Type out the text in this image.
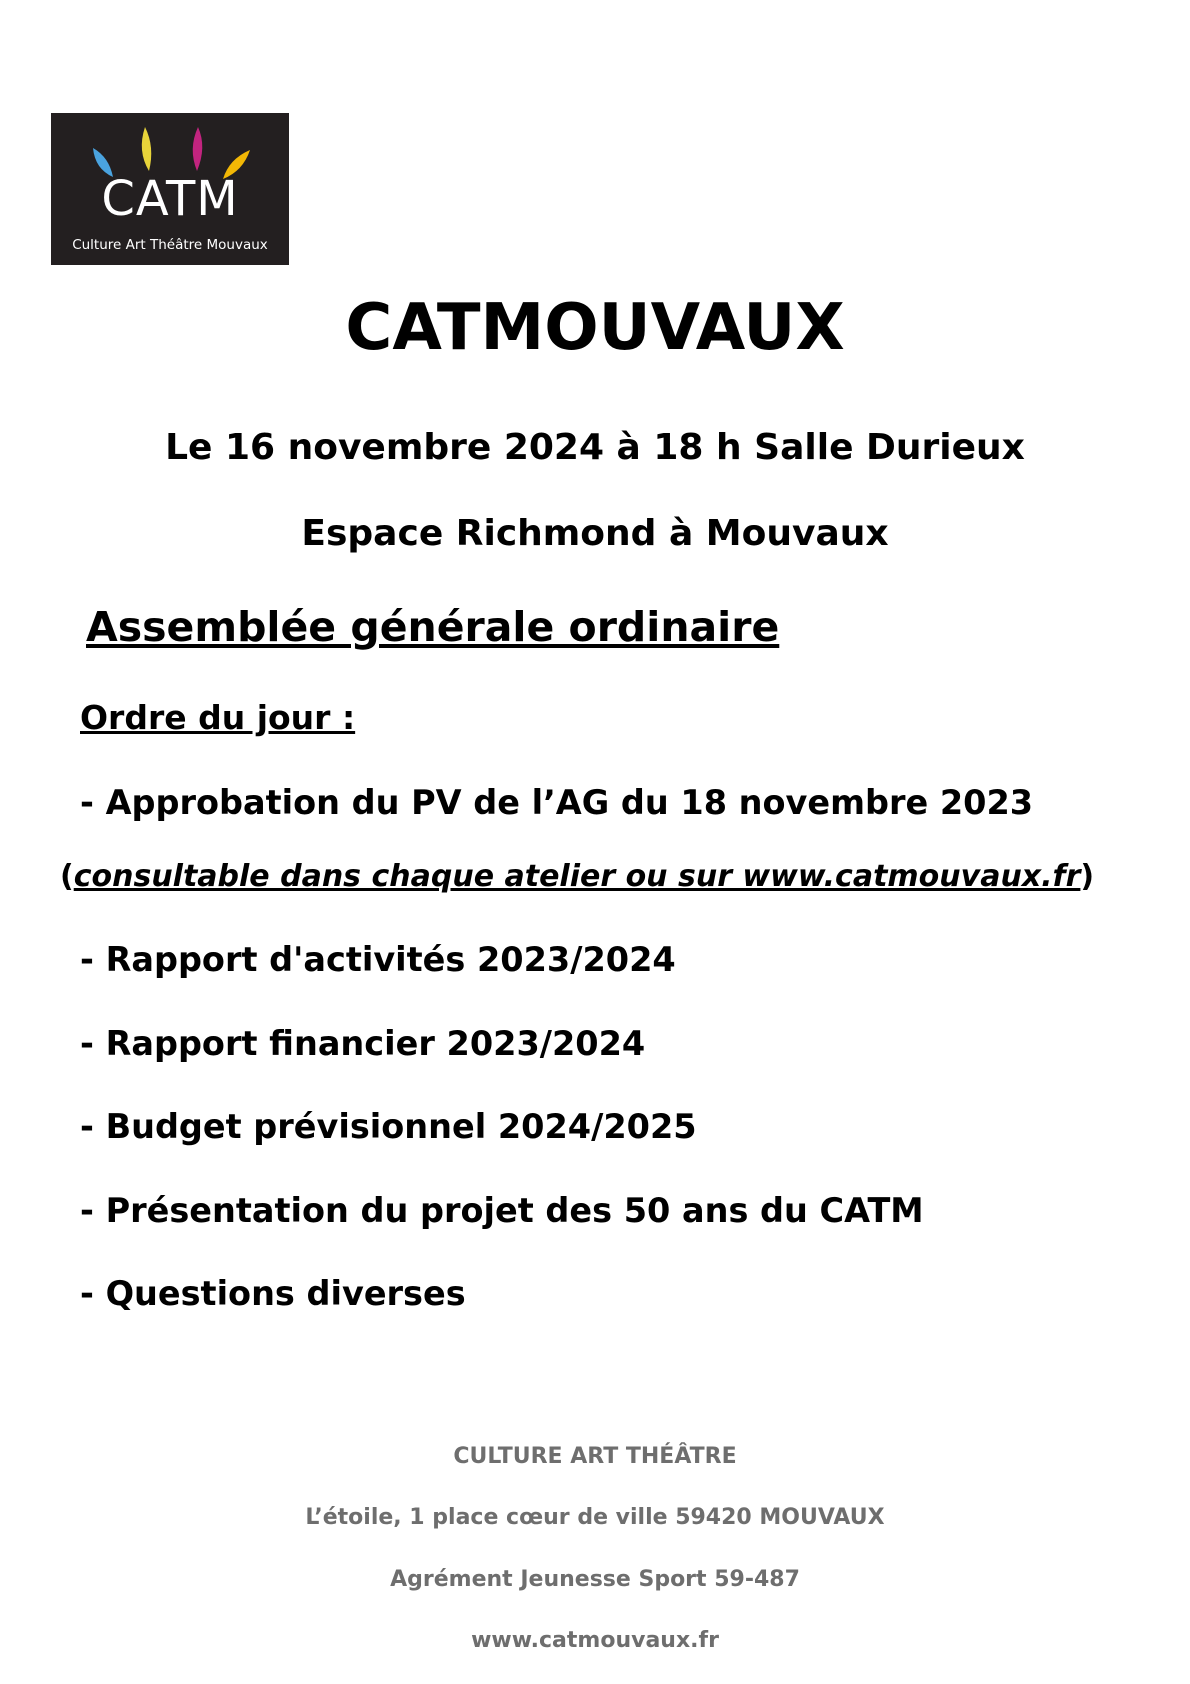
CATM
Culture Art Théâtre Mouvaux
CATMOUVAUX
Le 16 novembre 2024 à 18 h Salle Durieux
Espace Richmond à Mouvaux
Assemblée générale ordinaire
Ordre du jour :
- Approbation du PV de l’AG du 18 novembre 2023
(consultable dans chaque atelier ou sur www.catmouvaux.fr)
- Rapport d'activités 2023/2024
- Rapport financier 2023/2024
- Budget prévisionnel 2024/2025
- Présentation du projet des 50 ans du CATM
- Questions diverses
CULTURE ART THÉÂTRE
L’étoile, 1 place cœur de ville 59420 MOUVAUX
Agrément Jeunesse Sport 59-487
www.catmouvaux.fr
